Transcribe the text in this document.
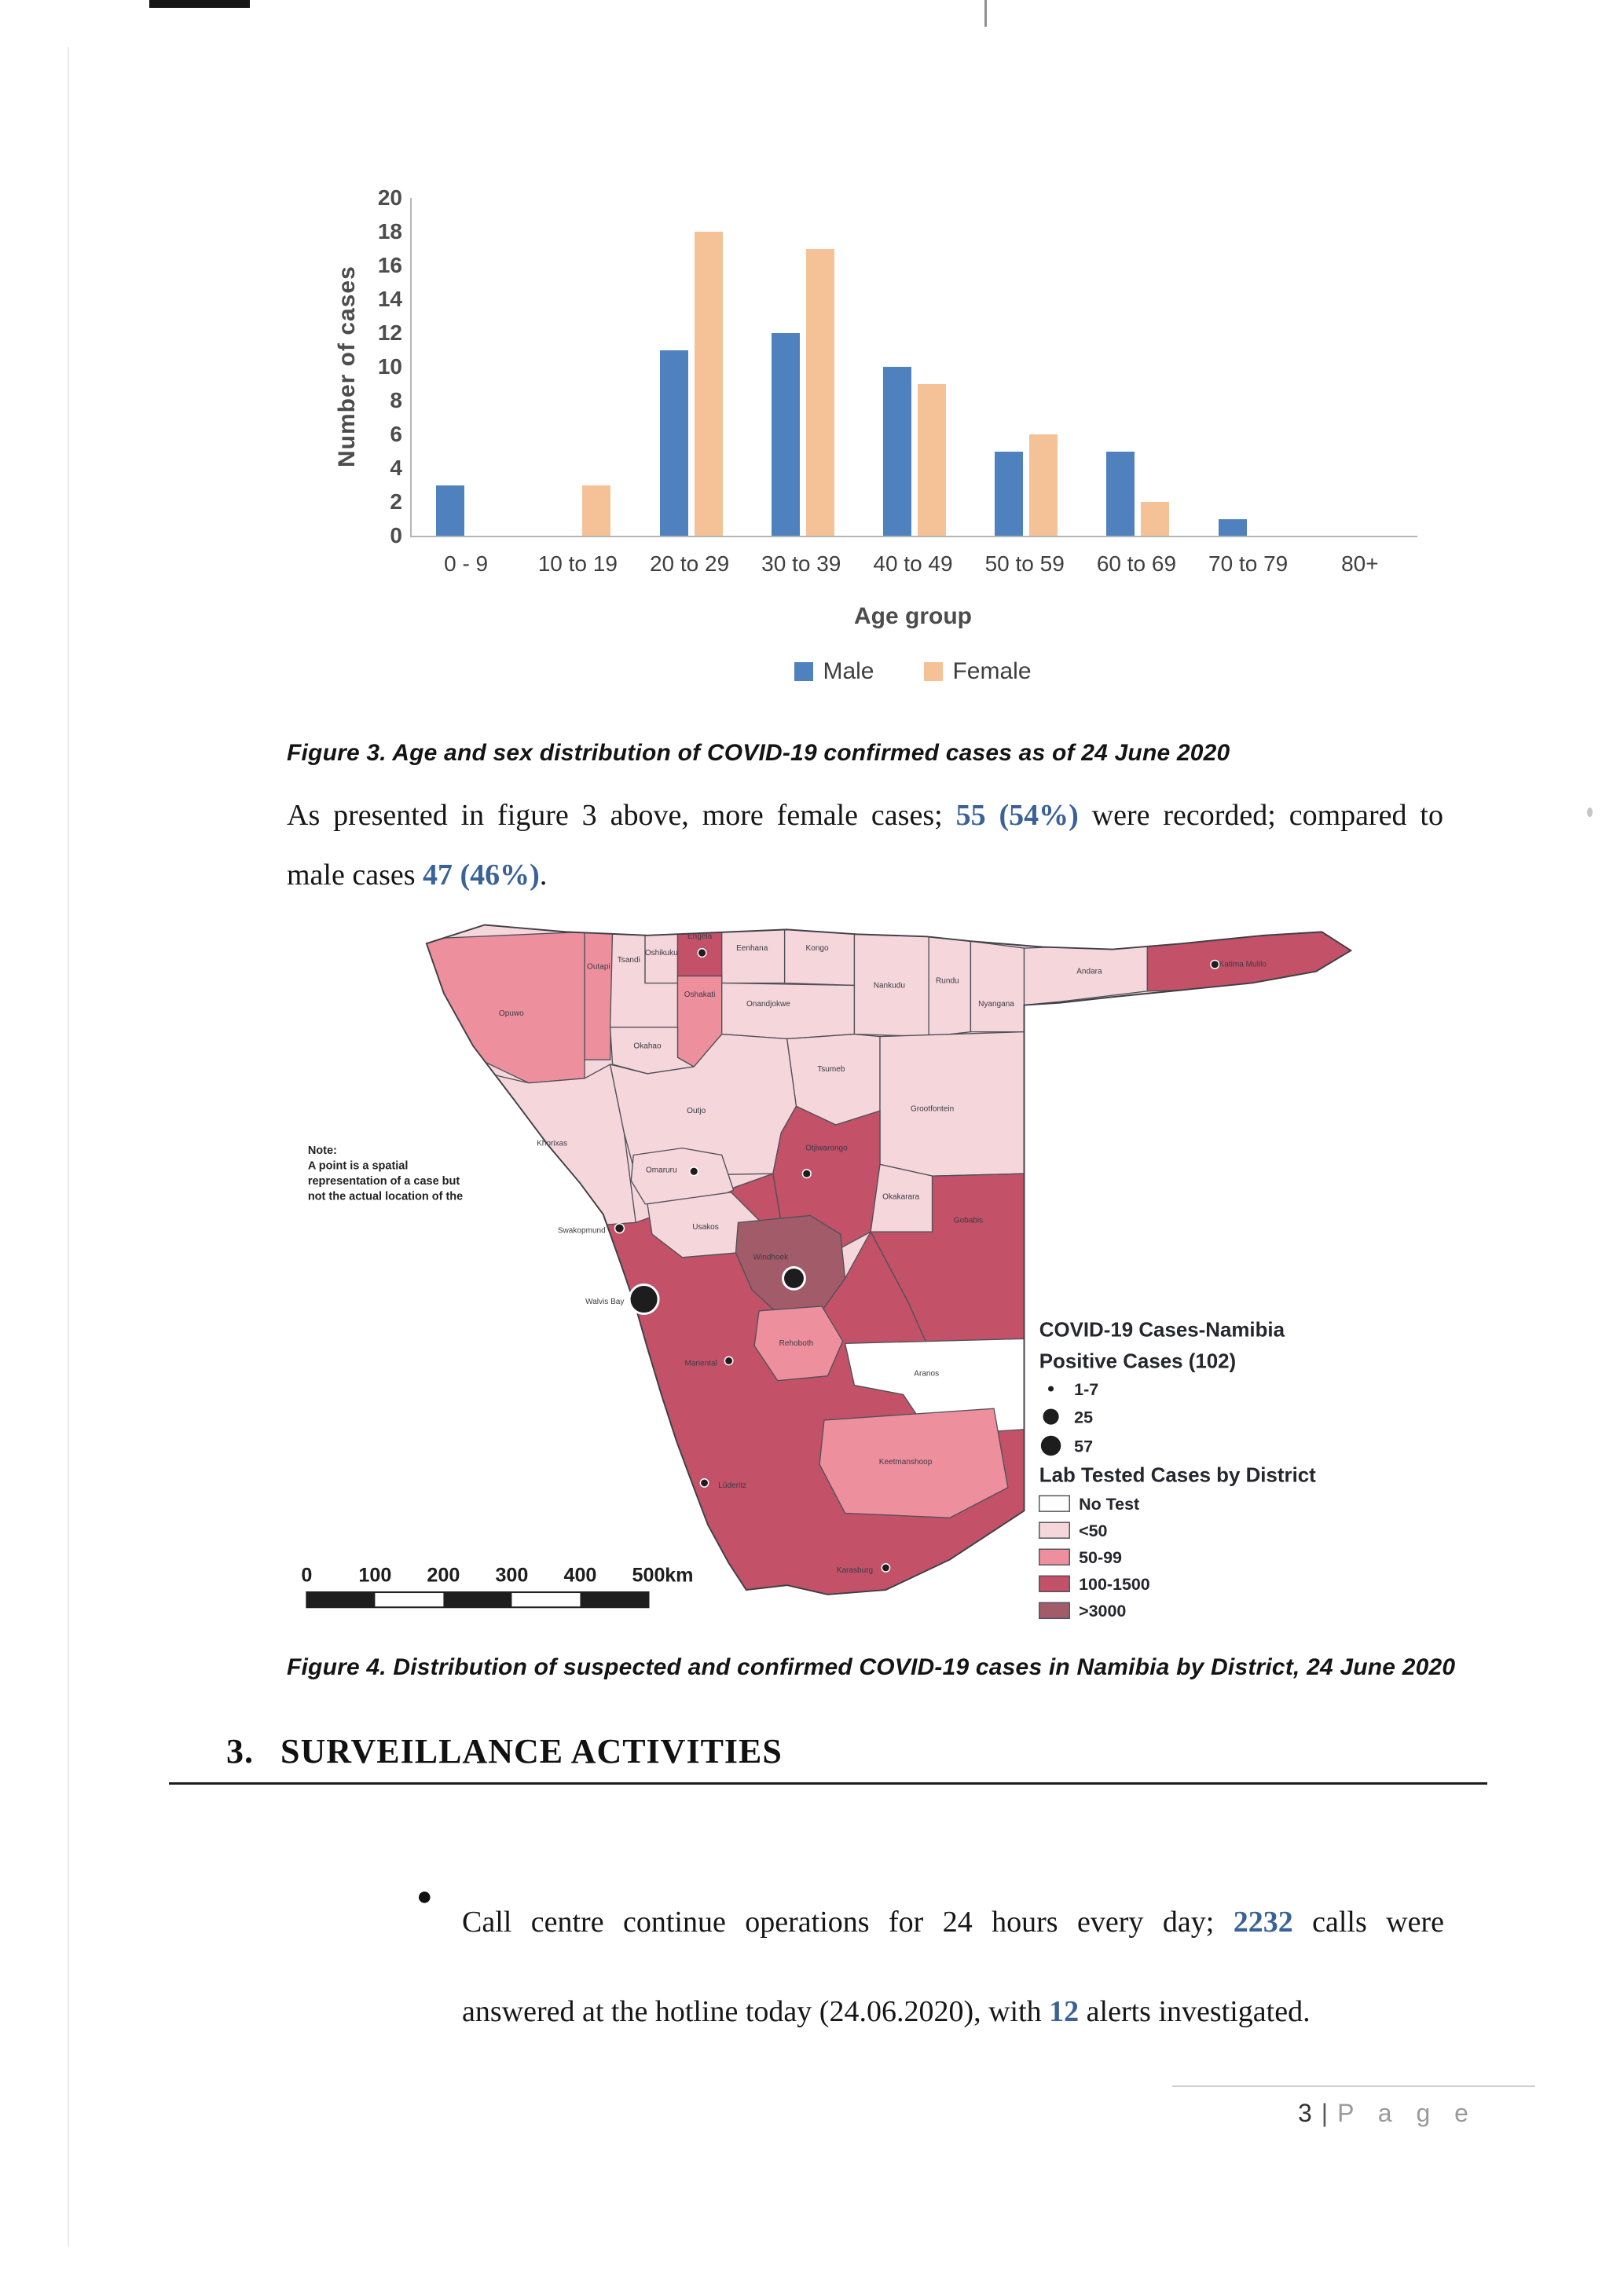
Number of cases
0
2
4
6
8
10
12
14
16
18
20
0 - 9	10 to 19	20 to 29	30 to 39	40 to 49	50 to 59	60 to 69	70 to 79	80+
Age group
Male	Female
Figure 3. Age and sex distribution of COVID-19 confirmed cases as of 24 June 2020
As presented in figure 3 above, more female cases; 55 (54%) were recorded; compared to
male cases 47 (46%).
Opuwo
Outapi
Tsandi
Oshikuku
Engela
Eenhana	Kongo
Oshakati
Okahao
Onandjokwe
Nankudu
Rundu
Nyangana
Andara
Katima Mulilo
Tsumeb
Grootfontein
Khorixas
Outjo
Otjiwarongo
Okakarara
Gobabis
Omaruru
Usakos
Windhoek
Rehoboth
Aranos
Keetmanshoop
Swakopmund
Walvis Bay
Mariental
Lüderitz
Karasburg
Note:
A point is a spatial
representation of a case but
not the actual location of the
COVID-19 Cases-Namibia
Positive Cases (102)
1-7
25
57
Lab Tested Cases by District
No Test
<50
50-99
100-1500
>3000
0	100	200	300	400	500 km
Figure 4. Distribution of suspected and confirmed COVID-19 cases in Namibia by District, 24 June 2020
3. SURVEILLANCE ACTIVITIES
●
Call centre continue operations for 24 hours every day; 2232 calls were
answered at the hotline today (24.06.2020), with 12 alerts investigated.
3 | P a g e
